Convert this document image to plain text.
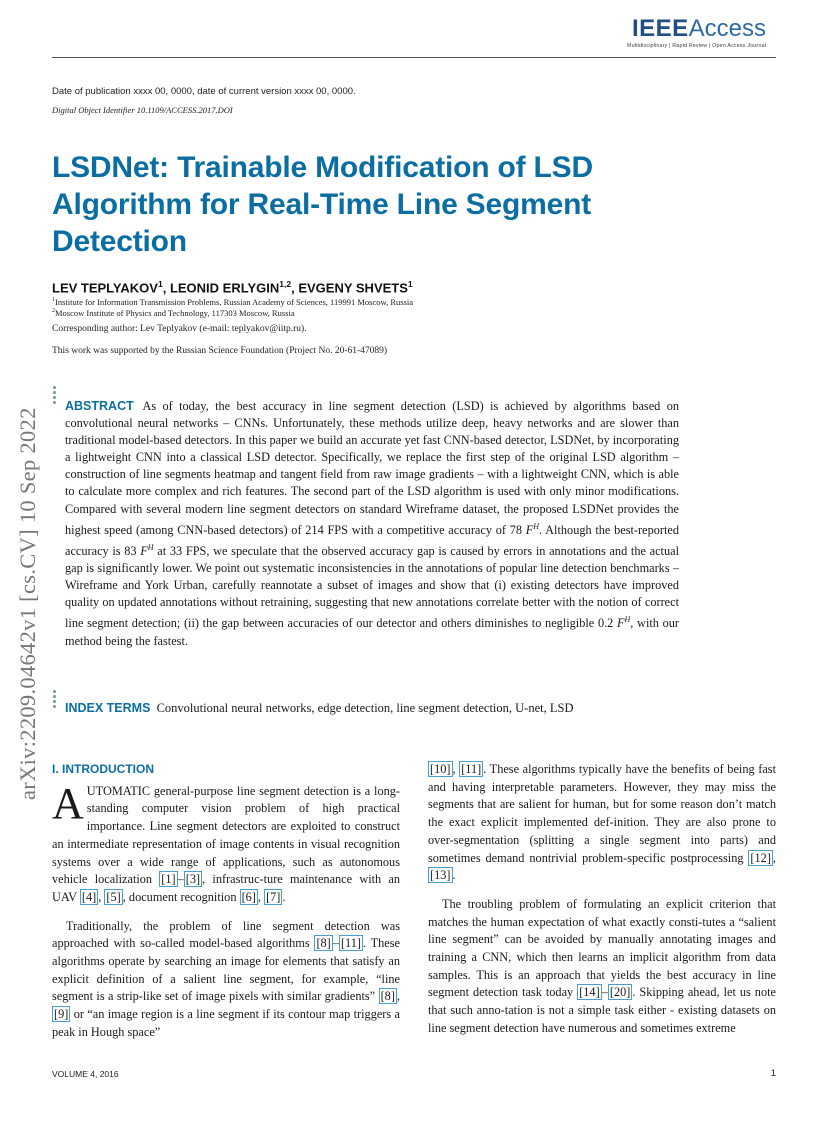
IEEEAccess
Multidisciplinary | Rapid Review | Open Access Journal
Date of publication xxxx 00, 0000, date of current version xxxx 00, 0000.
Digital Object Identifier 10.1109/ACCESS.2017.DOI
LSDNet: Trainable Modification of LSD Algorithm for Real-Time Line Segment Detection
LEV TEPLYAKOV$^1$, LEONID ERLYGIN$^{1,2}$, EVGENY SHVETS$^1$
$^1$Institute for Information Transmission Problems, Russian Academy of Sciences, 119991 Moscow, Russia
$^2$Moscow Institute of Physics and Technology, 117303 Moscow, Russia
Corresponding author: Lev Teplyakov (e-mail: teplyakov@iitp.ru).
This work was supported by the Russian Science Foundation (Project No. 20-61-47089)
arXiv:2209.04642v1 [cs.CV] 10 Sep 2022
ABSTRACT As of today, the best accuracy in line segment detection (LSD) is achieved by algorithms based on convolutional neural networks – CNNs. Unfortunately, these methods utilize deep, heavy networks and are slower than traditional model-based detectors. In this paper we build an accurate yet fast CNN-based detector, LSDNet, by incorporating a lightweight CNN into a classical LSD detector. Specifically, we replace the first step of the original LSD algorithm – construction of line segments heatmap and tangent field from raw image gradients – with a lightweight CNN, which is able to calculate more complex and rich features. The second part of the LSD algorithm is used with only minor modifications. Compared with several modern line segment detectors on standard Wireframe dataset, the proposed LSDNet provides the highest speed (among CNN-based detectors) of 214 FPS with a competitive accuracy of 78 $F^H$. Although the best-reported accuracy is 83 $F^H$ at 33 FPS, we speculate that the observed accuracy gap is caused by errors in annotations and the actual gap is significantly lower. We point out systematic inconsistencies in the annotations of popular line detection benchmarks – Wireframe and York Urban, carefully reannotate a subset of images and show that (i) existing detectors have improved quality on updated annotations without retraining, suggesting that new annotations correlate better with the notion of correct line segment detection; (ii) the gap between accuracies of our detector and others diminishes to negligible 0.2 $F^H$, with our method being the fastest.
INDEX TERMS Convolutional neural networks, edge detection, line segment detection, U-net, LSD
I. INTRODUCTION

AUTOMATIC general-purpose line segment detection is a long-standing computer vision problem of high practical importance. Line segment detectors are exploited to construct an intermediate representation of image contents in visual recognition systems over a wide range of applications, such as autonomous vehicle localization [1] – [3] , infrastruc-ture maintenance with an UAV [4] , [5] , document recognition [6] , [7] .

Traditionally, the problem of line segment detection was approached with so-called model-based algorithms [8] – [11] . These algorithms operate by searching an image for elements that satisfy an explicit definition of a salient line segment, for example, “line segment is a strip-like set of image pixels with similar gradients” [8] , [9] or “an image region is a line segment if its contour map triggers a peak in Hough space”

[10] , [11] . These algorithms typically have the benefits of being fast and having interpretable parameters. However, they may miss the segments that are salient for human, but for some reason don’t match the exact explicit implemented def-inition. They are also prone to over-segmentation (splitting a single segment into parts) and sometimes demand nontrivial problem-specific postprocessing [12] , [13] .

The troubling problem of formulating an explicit criterion that matches the human expectation of what exactly consti-tutes a “salient line segment” can be avoided by manually annotating images and training a CNN, which then learns an implicit algorithm from data samples. This is an approach that yields the best accuracy in line segment detection task today [14] – [20] . Skipping ahead, let us note that such anno-tation is not a simple task either - existing datasets on line segment detection have numerous and sometimes extreme

VOLUME 4, 2016	1
